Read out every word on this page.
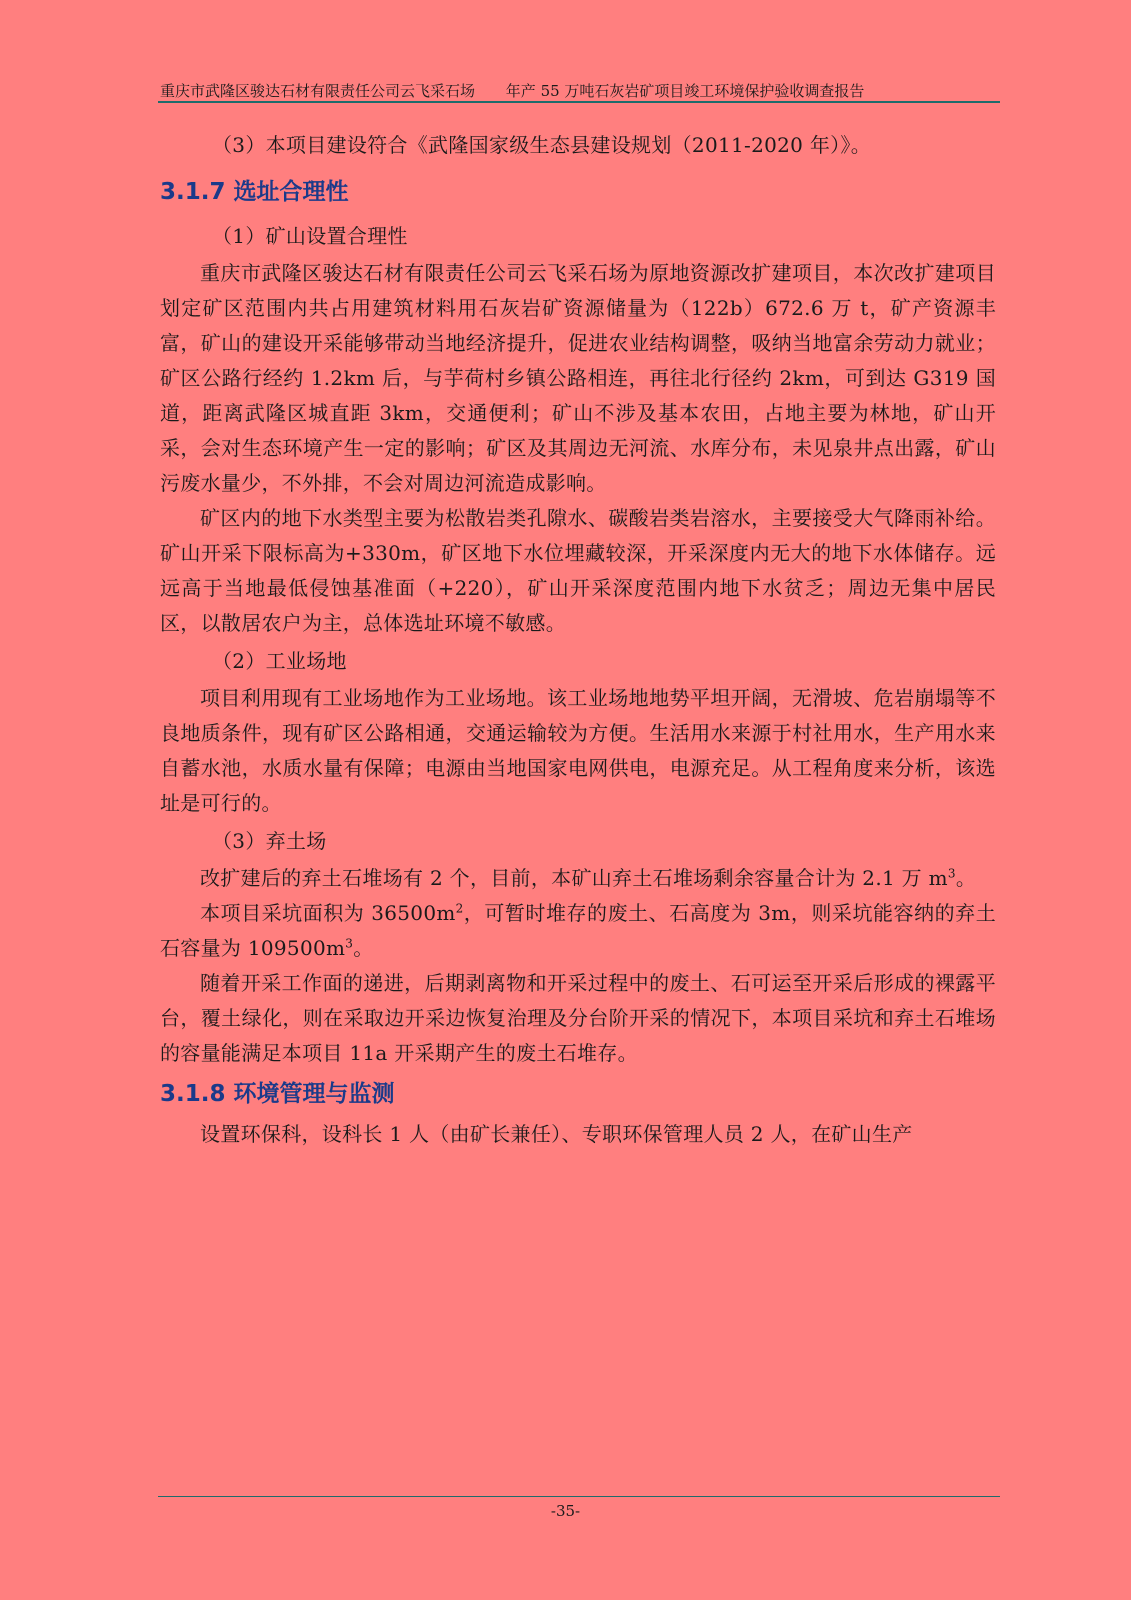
重庆市武隆区骏达石材有限责任公司云飞采石场 年产 55 万吨石灰岩矿项目竣工环境保护验收调查报告

（3）本项目建设符合《武隆国家级生态县建设规划（2011-2020 年）》。

3.1.7 选址合理性

（1）矿山设置合理性

重庆市武隆区骏达石材有限责任公司云飞采石场为原地资源改扩建项目，本次改扩建项目划定矿区范围内共占用建筑材料用石灰岩矿资源储量为（122b）672.6 万 t，矿产资源丰富，矿山的建设开采能够带动当地经济提升，促进农业结构调整，吸纳当地富余劳动力就业；矿区公路行经约 1.2km 后，与芋荷村乡镇公路相连，再往北行径约 2km，可到达 G319 国道，距离武隆区城直距 3km，交通便利；矿山不涉及基本农田，占地主要为林地，矿山开采，会对生态环境产生一定的影响；矿区及其周边无河流、水库分布，未见泉井点出露，矿山污废水量少，不外排，不会对周边河流造成影响。

矿区内的地下水类型主要为松散岩类孔隙水、碳酸岩类岩溶水，主要接受大气降雨补给。矿山开采下限标高为+330m，矿区地下水位埋藏较深，开采深度内无大的地下水体储存。远远高于当地最低侵蚀基准面（+220），矿山开采深度范围内地下水贫乏；周边无集中居民区，以散居农户为主，总体选址环境不敏感。

（2）工业场地

项目利用现有工业场地作为工业场地。该工业场地地势平坦开阔，无滑坡、危岩崩塌等不良地质条件，现有矿区公路相通，交通运输较为方便。生活用水来源于村社用水，生产用水来自蓄水池，水质水量有保障；电源由当地国家电网供电，电源充足。从工程角度来分析，该选址是可行的。

（3）弃土场

改扩建后的弃土石堆场有 2 个，目前，本矿山弃土石堆场剩余容量合计为 2.1 万 $m^3$。

本项目采坑面积为 $36500m^2$，可暂时堆存的废土、石高度为 3m，则采坑能容纳的弃土石容量为 $109500m^3$。

随着开采工作面的递进，后期剥离物和开采过程中的废土、石可运至开采后形成的裸露平台，覆土绿化，则在采取边开采边恢复治理及分台阶开采的情况下，本项目采坑和弃土石堆场的容量能满足本项目 11a 开采期产生的废土石堆存。

3.1.8 环境管理与监测

设置环保科，设科长 1 人（由矿长兼任）、专职环保管理人员 2 人，在矿山生产

-35-
